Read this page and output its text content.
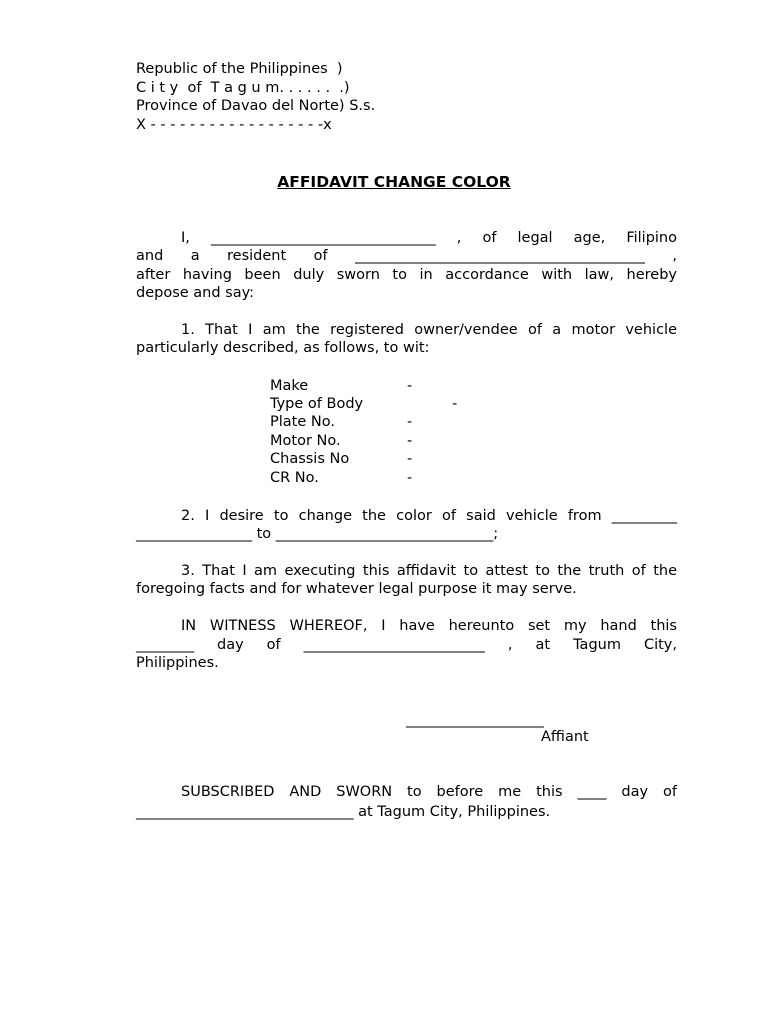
Republic of the Philippines  )
C i t y  of  T a g u m. . . . . .  .)
Province of Davao del Norte) S.s.
X - - - - - - - - - - - - - - - - - -x
AFFIDAVIT CHANGE COLOR
I, _______________________________ , of legal age, Filipino
and a resident of ________________________________________ ,
after having been duly sworn to in accordance with law, hereby
depose and say:
1. That I am the registered owner/vendee of a motor vehicle
particularly described, as follows, to wit:
Make	-
Type of Body	-
Plate No.	-
Motor No.	-
Chassis No	-
CR No.	-
2. I desire to change the color of said vehicle from _________
________________ to ______________________________;
3. That I am executing this affidavit to attest to the truth of the
foregoing facts and for whatever legal purpose it may serve.
IN WITNESS WHEREOF, I have hereunto set my hand this
________ day of _________________________ , at Tagum City,
Philippines.
___________________
Affiant
SUBSCRIBED AND SWORN to before me this ____ day of
______________________________ at Tagum City, Philippines.
